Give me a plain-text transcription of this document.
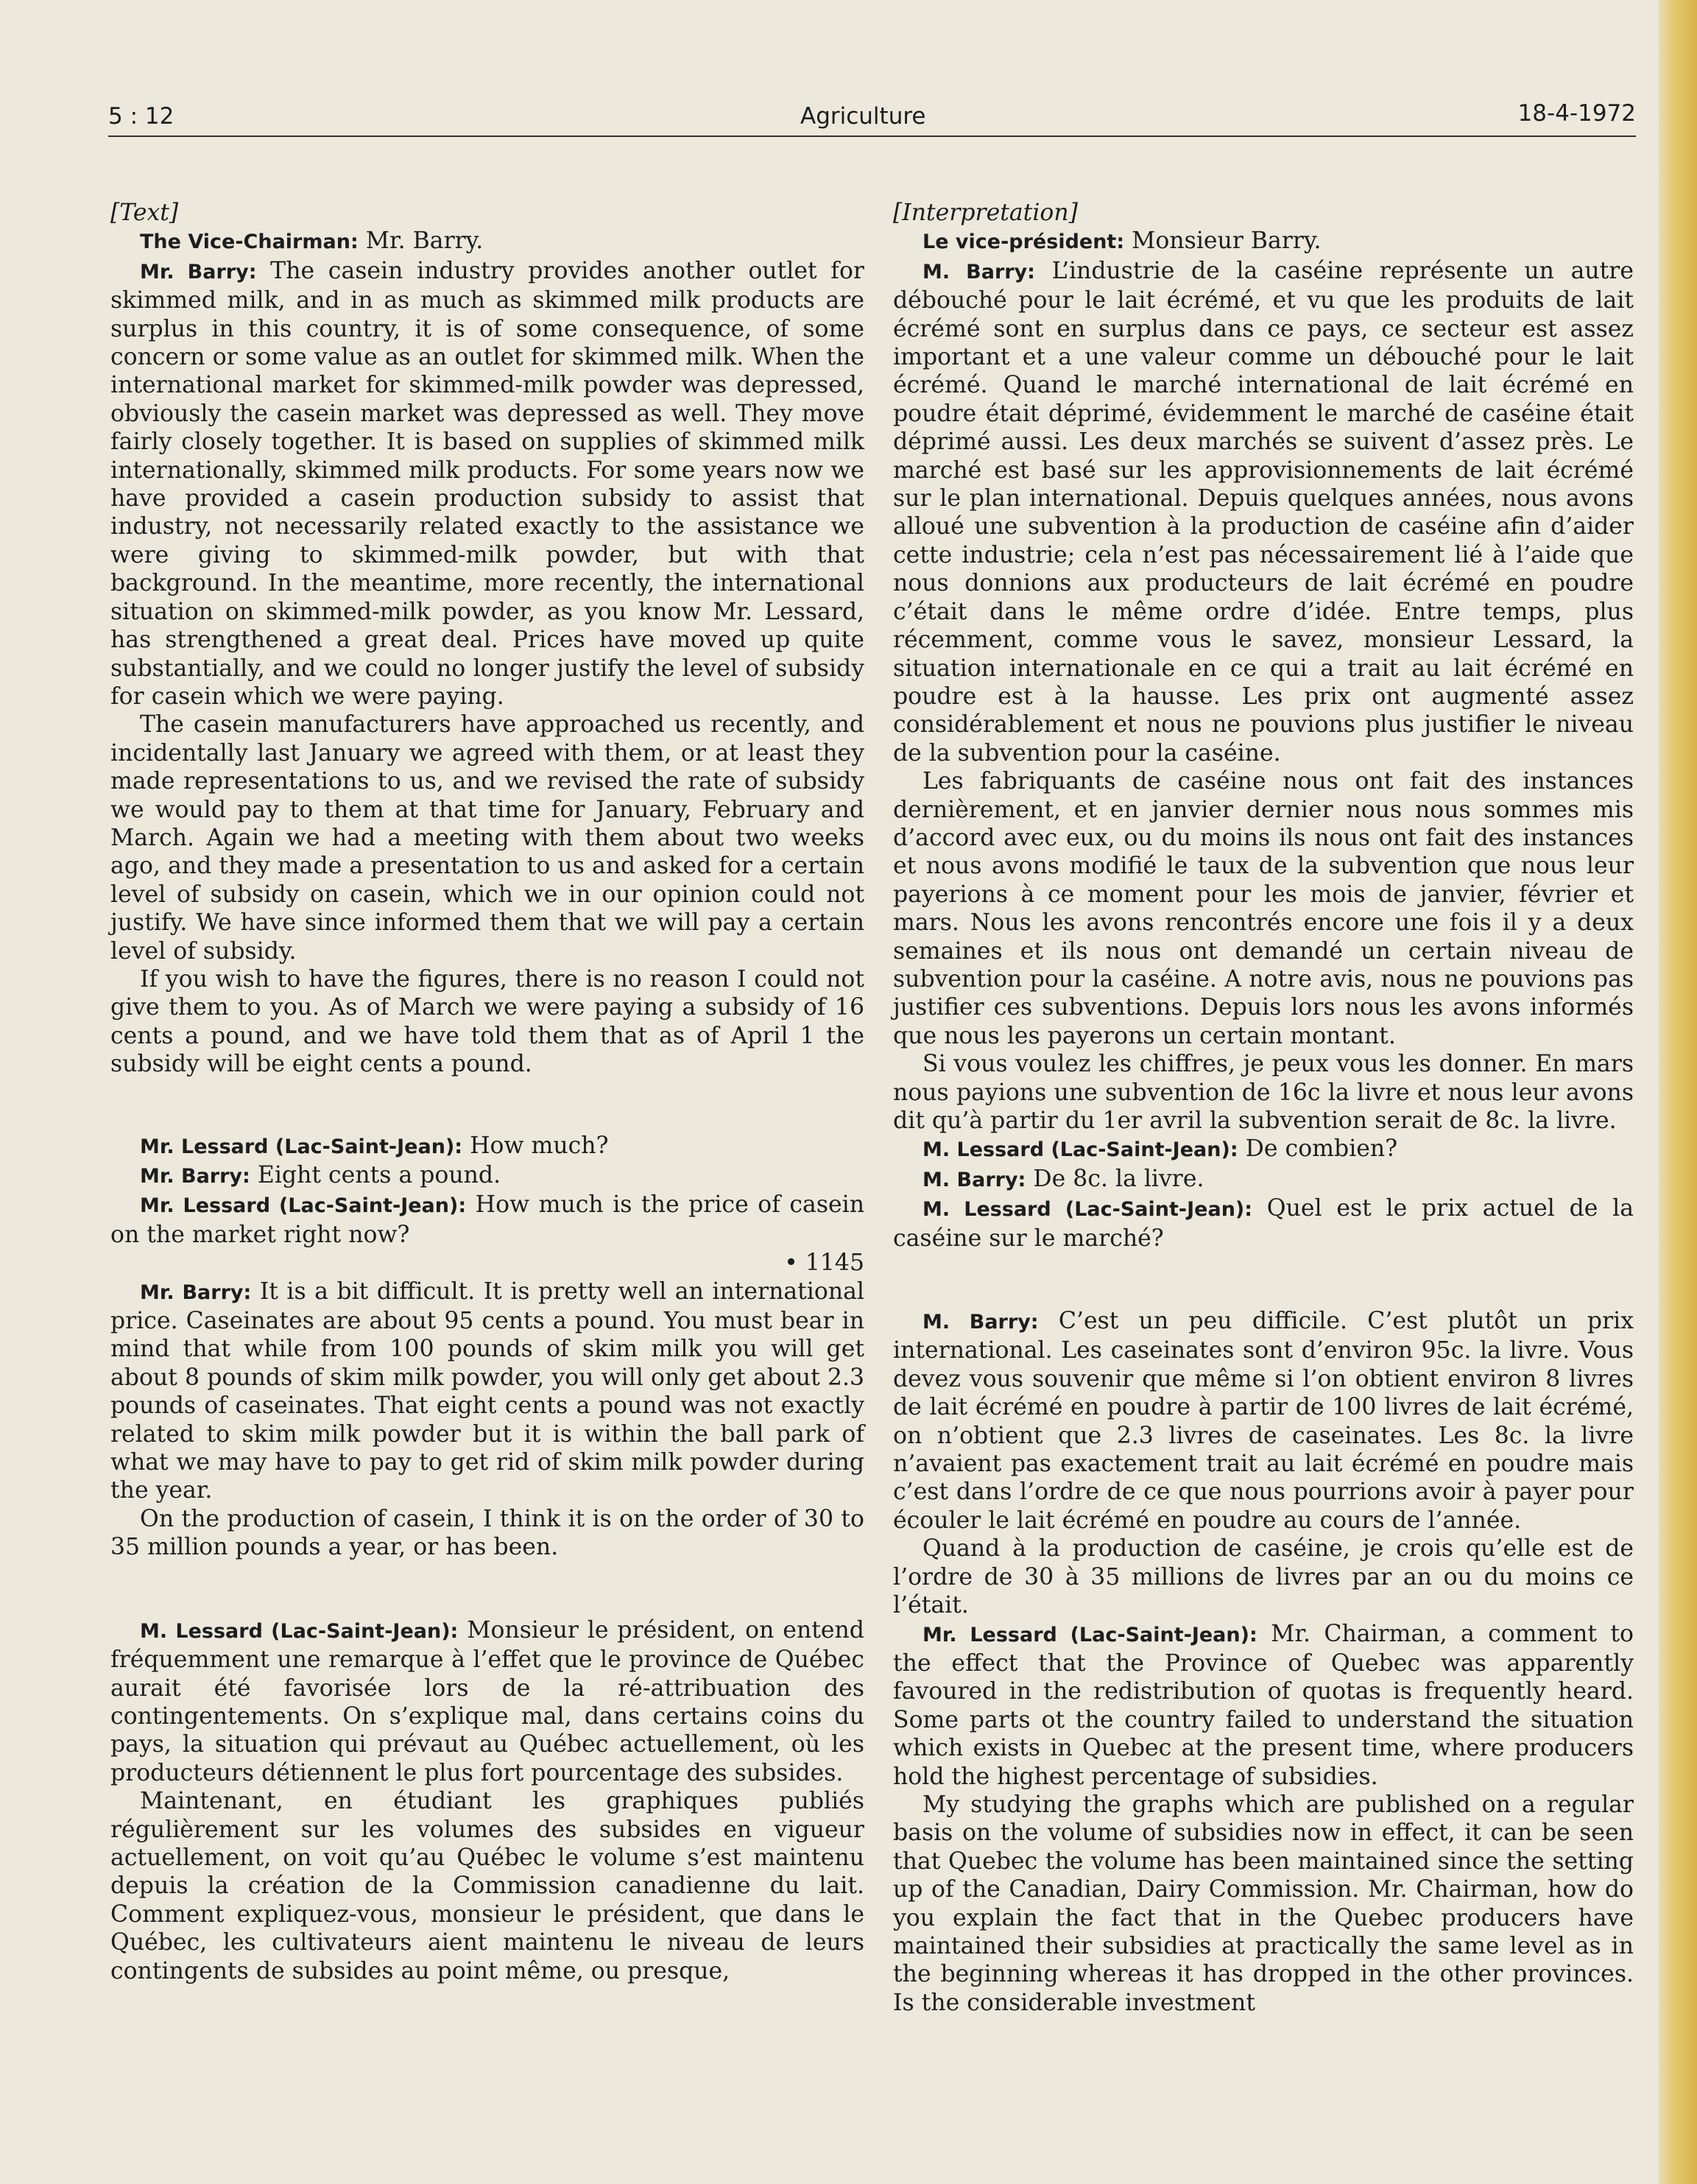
5 : 12	Agriculture	18-4-1972

[Text]

The Vice-Chairman: Mr. Barry.

Mr. Barry: The casein industry provides another outlet for skimmed milk, and in as much as skimmed milk products are surplus in this country, it is of some consequence, of some concern or some value as an outlet for skimmed milk. When the international market for skimmed-milk powder was depressed, obviously the casein market was depressed as well. They move fairly closely together. It is based on supplies of skimmed milk internationally, skimmed milk products. For some years now we have provided a casein production subsidy to assist that industry, not necessarily related exactly to the assistance we were giving to skimmed-milk powder, but with that background. In the meantime, more recently, the international situation on skimmed-milk powder, as you know Mr. Lessard, has strengthened a great deal. Prices have moved up quite substantially, and we could no longer justify the level of subsidy for casein which we were paying.

The casein manufacturers have approached us recently, and incidentally last January we agreed with them, or at least they made representations to us, and we revised the rate of subsidy we would pay to them at that time for January, February and March. Again we had a meeting with them about two weeks ago, and they made a presentation to us and asked for a certain level of subsidy on casein, which we in our opinion could not justify. We have since informed them that we will pay a certain level of subsidy.

If you wish to have the figures, there is no reason I could not give them to you. As of March we were paying a subsidy of 16 cents a pound, and we have told them that as of April 1 the subsidy will be eight cents a pound.

Mr. Lessard (Lac-Saint-Jean): How much?

Mr. Barry: Eight cents a pound.

Mr. Lessard (Lac-Saint-Jean): How much is the price of casein on the market right now?

• 1145

Mr. Barry: It is a bit difficult. It is pretty well an international price. Caseinates are about 95 cents a pound. You must bear in mind that while from 100 pounds of skim milk you will get about 8 pounds of skim milk powder, you will only get about 2.3 pounds of caseinates. That eight cents a pound was not exactly related to skim milk powder but it is within the ball park of what we may have to pay to get rid of skim milk powder during the year.

On the production of casein, I think it is on the order of 30 to 35 million pounds a year, or has been.

M. Lessard (Lac-Saint-Jean): Monsieur le président, on entend fréquemment une remarque à l’effet que le province de Québec aurait été favorisée lors de la ré-attribuation des contingentements. On s’explique mal, dans certains coins du pays, la situation qui prévaut au Québec actuellement, où les producteurs détiennent le plus fort pourcentage des subsides.

Maintenant, en étudiant les graphiques publiés régulièrement sur les volumes des subsides en vigueur actuellement, on voit qu’au Québec le volume s’est maintenu depuis la création de la Commission canadienne du lait. Comment expliquez-vous, monsieur le président, que dans le Québec, les cultivateurs aient maintenu le niveau de leurs contingents de subsides au point même, ou presque,

[Interpretation]

Le vice-président: Monsieur Barry.

M. Barry: L’industrie de la caséine représente un autre débouché pour le lait écrémé, et vu que les produits de lait écrémé sont en surplus dans ce pays, ce secteur est assez important et a une valeur comme un débouché pour le lait écrémé. Quand le marché international de lait écrémé en poudre était déprimé, évidemment le marché de caséine était déprimé aussi. Les deux marchés se suivent d’assez près. Le marché est basé sur les approvisionnements de lait écrémé sur le plan international. Depuis quelques années, nous avons alloué une subvention à la production de caséine afin d’aider cette industrie; cela n’est pas nécessairement lié à l’aide que nous donnions aux producteurs de lait écrémé en poudre c’était dans le même ordre d’idée. Entre temps, plus récemment, comme vous le savez, monsieur Lessard, la situation internationale en ce qui a trait au lait écrémé en poudre est à la hausse. Les prix ont augmenté assez considérablement et nous ne pouvions plus justifier le niveau de la subvention pour la caséine.

Les fabriquants de caséine nous ont fait des instances dernièrement, et en janvier dernier nous nous sommes mis d’accord avec eux, ou du moins ils nous ont fait des instances et nous avons modifié le taux de la subvention que nous leur payerions à ce moment pour les mois de janvier, février et mars. Nous les avons rencontrés encore une fois il y a deux semaines et ils nous ont demandé un certain niveau de subvention pour la caséine. A notre avis, nous ne pouvions pas justifier ces subventions. Depuis lors nous les avons informés que nous les payerons un certain montant.

Si vous voulez les chiffres, je peux vous les donner. En mars nous payions une subvention de 16c la livre et nous leur avons dit qu’à partir du 1er avril la subvention serait de 8c. la livre.

M. Lessard (Lac-Saint-Jean): De combien?

M. Barry: De 8c. la livre.

M. Lessard (Lac-Saint-Jean): Quel est le prix actuel de la caséine sur le marché?

M. Barry: C’est un peu difficile. C’est plutôt un prix international. Les caseinates sont d’environ 95c. la livre. Vous devez vous souvenir que même si l’on obtient environ 8 livres de lait écrémé en poudre à partir de 100 livres de lait écrémé, on n’obtient que 2.3 livres de caseinates. Les 8c. la livre n’avaient pas exactement trait au lait écrémé en poudre mais c’est dans l’ordre de ce que nous pourrions avoir à payer pour écouler le lait écrémé en poudre au cours de l’année.

Quand à la production de caséine, je crois qu’elle est de l’ordre de 30 à 35 millions de livres par an ou du moins ce l’était.

Mr. Lessard (Lac-Saint-Jean): Mr. Chairman, a comment to the effect that the Province of Quebec was apparently favoured in the redistribution of quotas is frequently heard. Some parts ot the country failed to understand the situation which exists in Quebec at the present time, where producers hold the highest percentage of subsidies.

My studying the graphs which are published on a regular basis on the volume of subsidies now in effect, it can be seen that Quebec the volume has been maintained since the setting up of the Canadian, Dairy Commission. Mr. Chairman, how do you explain the fact that in the Quebec producers have maintained their subsidies at practically the same level as in the beginning whereas it has dropped in the other provinces. Is the considerable investment
